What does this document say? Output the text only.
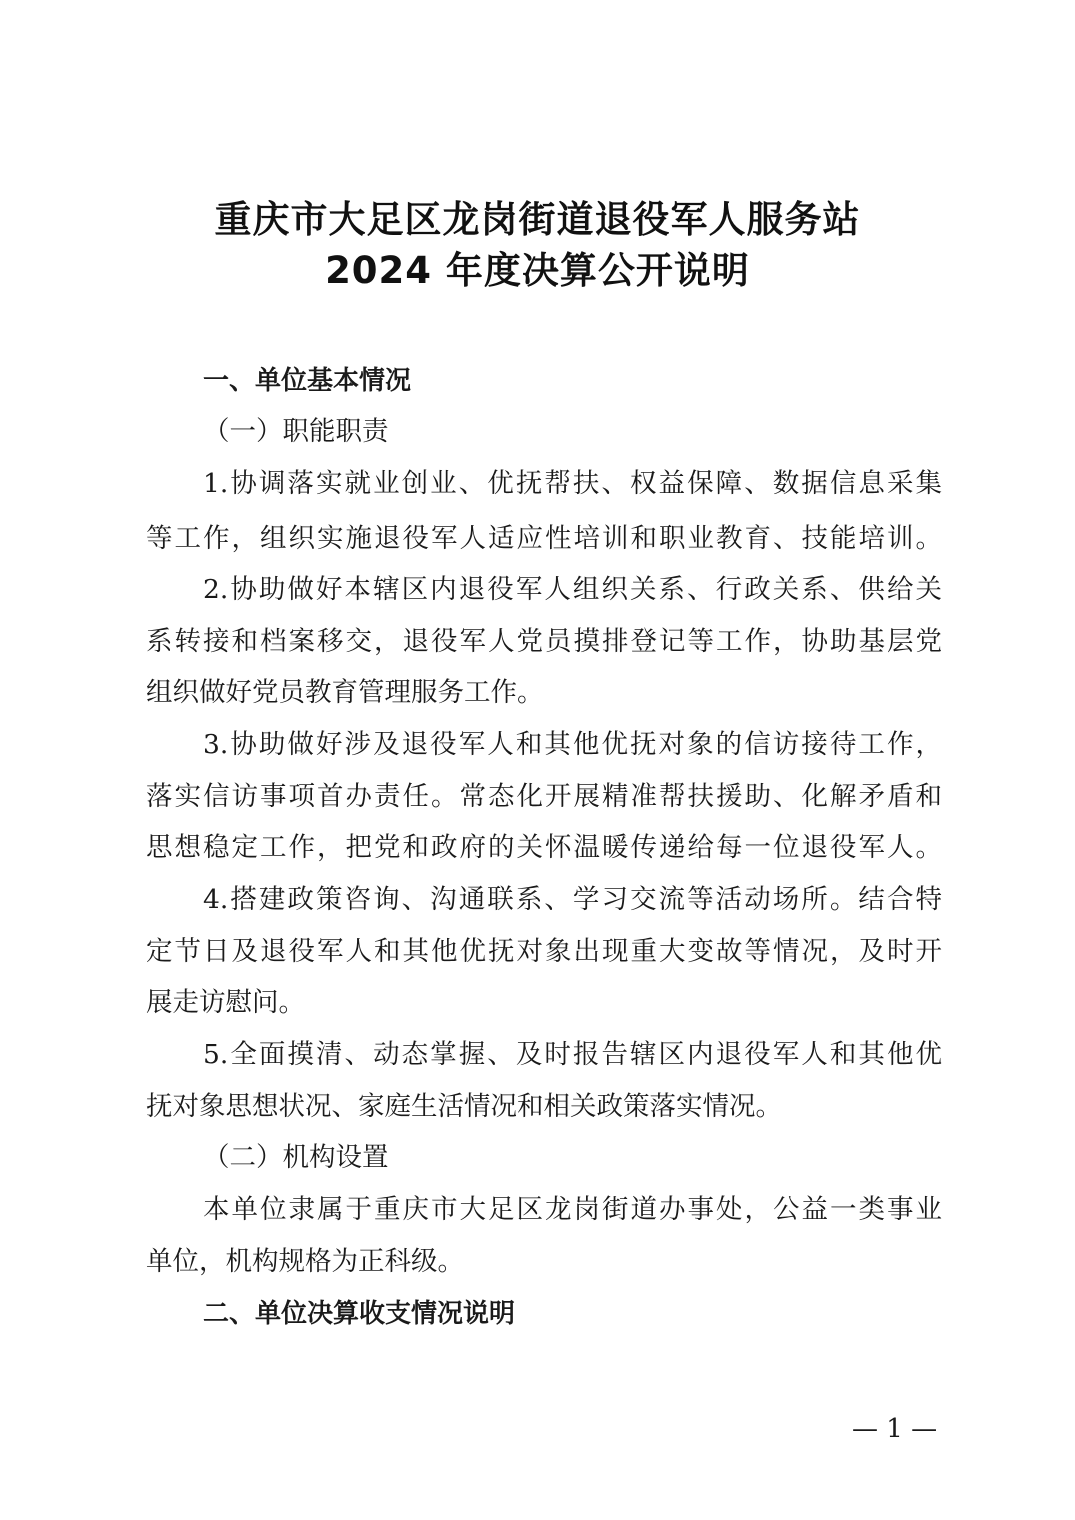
重庆市大足区龙岗街道退役军人服务站
2024 年度决算公开说明
一、单位基本情况
（一）职能职责
1.协调落实就业创业、优抚帮扶、权益保障、数据信息采集
等工作，组织实施退役军人适应性培训和职业教育、技能培训。
2.协助做好本辖区内退役军人组织关系、行政关系、供给关
系转接和档案移交，退役军人党员摸排登记等工作，协助基层党
组织做好党员教育管理服务工作。
3.协助做好涉及退役军人和其他优抚对象的信访接待工作，
落实信访事项首办责任。常态化开展精准帮扶援助、化解矛盾和
思想稳定工作，把党和政府的关怀温暖传递给每一位退役军人。
4.搭建政策咨询、沟通联系、学习交流等活动场所。结合特
定节日及退役军人和其他优抚对象出现重大变故等情况，及时开
展走访慰问。
5.全面摸清、动态掌握、及时报告辖区内退役军人和其他优
抚对象思想状况、家庭生活情况和相关政策落实情况。
（二）机构设置
本单位隶属于重庆市大足区龙岗街道办事处，公益一类事业
单位，机构规格为正科级。
二、单位决算收支情况说明
— 1 —
